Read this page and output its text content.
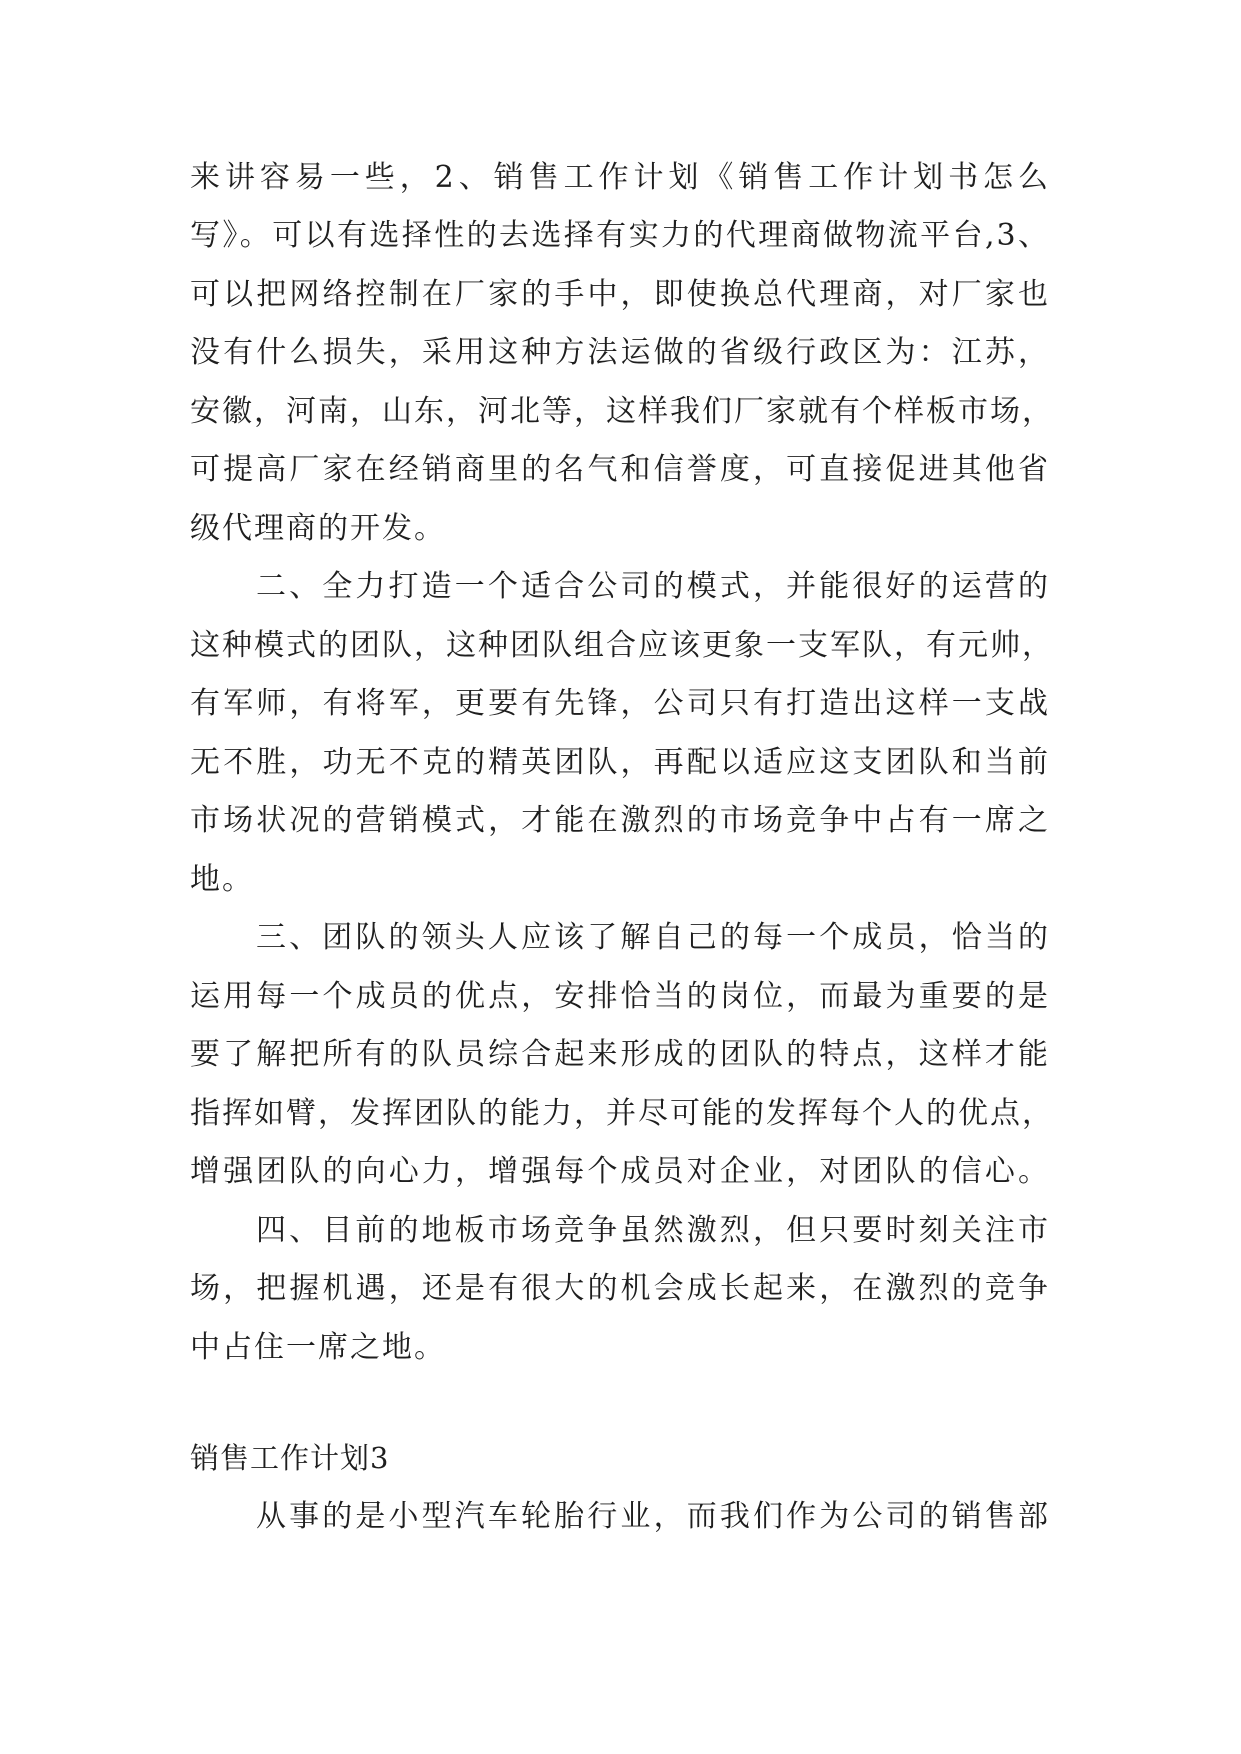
来讲容易一些，2、销售工作计划《销售工作计划书怎么
写》。可以有选择性的去选择有实力的代理商做物流平台,3、
可以把网络控制在厂家的手中，即使换总代理商，对厂家也
没有什么损失，采用这种方法运做的省级行政区为：江苏，
安徽，河南，山东，河北等，这样我们厂家就有个样板市场，
可提高厂家在经销商里的名气和信誉度，可直接促进其他省
级代理商的开发。
二、全力打造一个适合公司的模式，并能很好的运营的
这种模式的团队，这种团队组合应该更象一支军队，有元帅，
有军师，有将军，更要有先锋，公司只有打造出这样一支战
无不胜，功无不克的精英团队，再配以适应这支团队和当前
市场状况的营销模式，才能在激烈的市场竞争中占有一席之
地。
三、团队的领头人应该了解自己的每一个成员，恰当的
运用每一个成员的优点，安排恰当的岗位，而最为重要的是
要了解把所有的队员综合起来形成的团队的特点，这样才能
指挥如臂，发挥团队的能力，并尽可能的发挥每个人的优点，
增强团队的向心力，增强每个成员对企业，对团队的信心。
四、目前的地板市场竞争虽然激烈，但只要时刻关注市
场，把握机遇，还是有很大的机会成长起来，在激烈的竞争
中占住一席之地。
销售工作计划3
从事的是小型汽车轮胎行业，而我们作为公司的销售部
